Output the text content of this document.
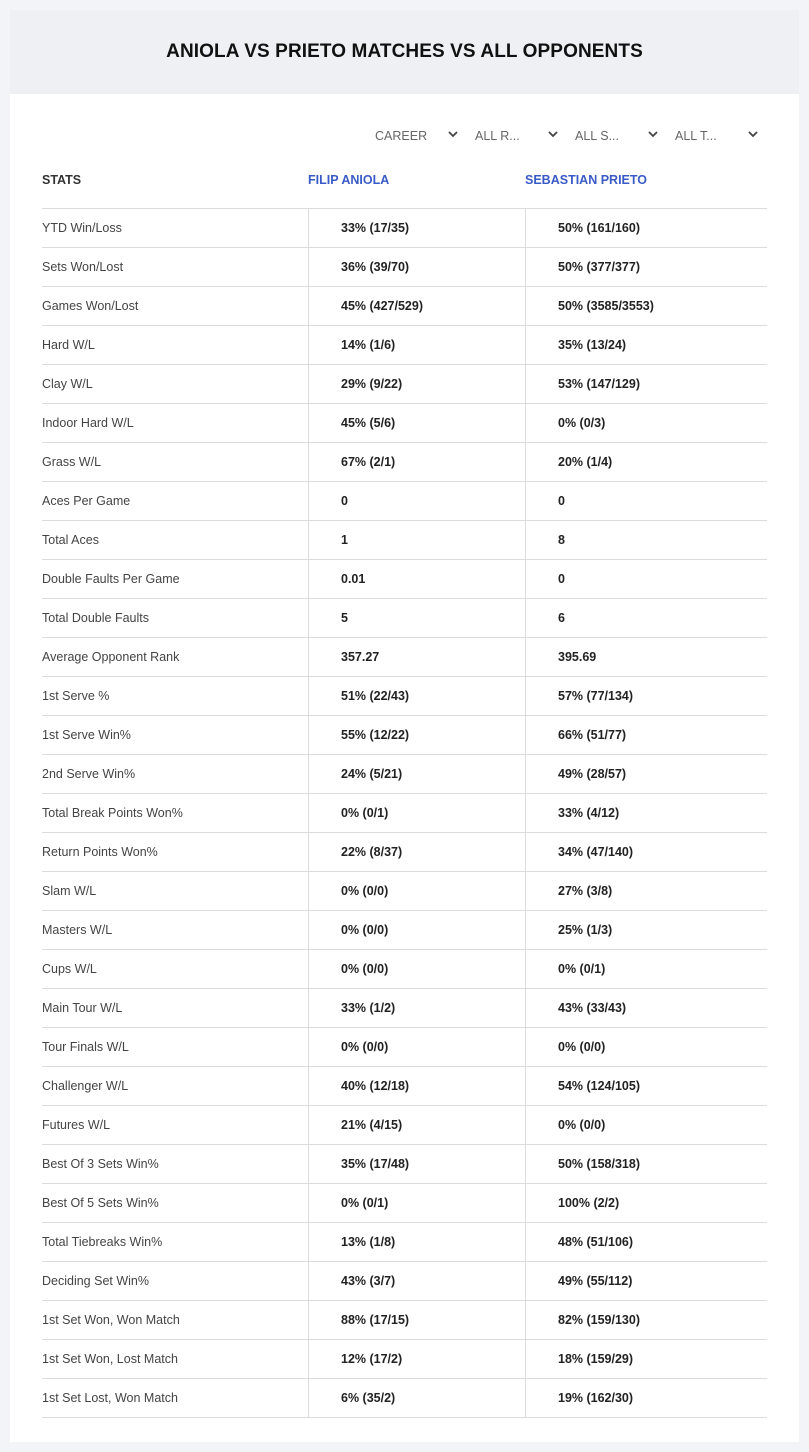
ANIOLA VS PRIETO MATCHES VS ALL OPPONENTS
CAREER	ALL R...	ALL S...	ALL T...
STATS	FILIP ANIOLA	SEBASTIAN PRIETO
YTD Win/Loss	33% (17/35)	50% (161/160)
Sets Won/Lost	36% (39/70)	50% (377/377)
Games Won/Lost	45% (427/529)	50% (3585/3553)
Hard W/L	14% (1/6)	35% (13/24)
Clay W/L	29% (9/22)	53% (147/129)
Indoor Hard W/L	45% (5/6)	0% (0/3)
Grass W/L	67% (2/1)	20% (1/4)
Aces Per Game	0	0
Total Aces	1	8
Double Faults Per Game	0.01	0
Total Double Faults	5	6
Average Opponent Rank	357.27	395.69
1st Serve %	51% (22/43)	57% (77/134)
1st Serve Win%	55% (12/22)	66% (51/77)
2nd Serve Win%	24% (5/21)	49% (28/57)
Total Break Points Won%	0% (0/1)	33% (4/12)
Return Points Won%	22% (8/37)	34% (47/140)
Slam W/L	0% (0/0)	27% (3/8)
Masters W/L	0% (0/0)	25% (1/3)
Cups W/L	0% (0/0)	0% (0/1)
Main Tour W/L	33% (1/2)	43% (33/43)
Tour Finals W/L	0% (0/0)	0% (0/0)
Challenger W/L	40% (12/18)	54% (124/105)
Futures W/L	21% (4/15)	0% (0/0)
Best Of 3 Sets Win%	35% (17/48)	50% (158/318)
Best Of 5 Sets Win%	0% (0/1)	100% (2/2)
Total Tiebreaks Win%	13% (1/8)	48% (51/106)
Deciding Set Win%	43% (3/7)	49% (55/112)
1st Set Won, Won Match	88% (17/15)	82% (159/130)
1st Set Won, Lost Match	12% (17/2)	18% (159/29)
1st Set Lost, Won Match	6% (35/2)	19% (162/30)
